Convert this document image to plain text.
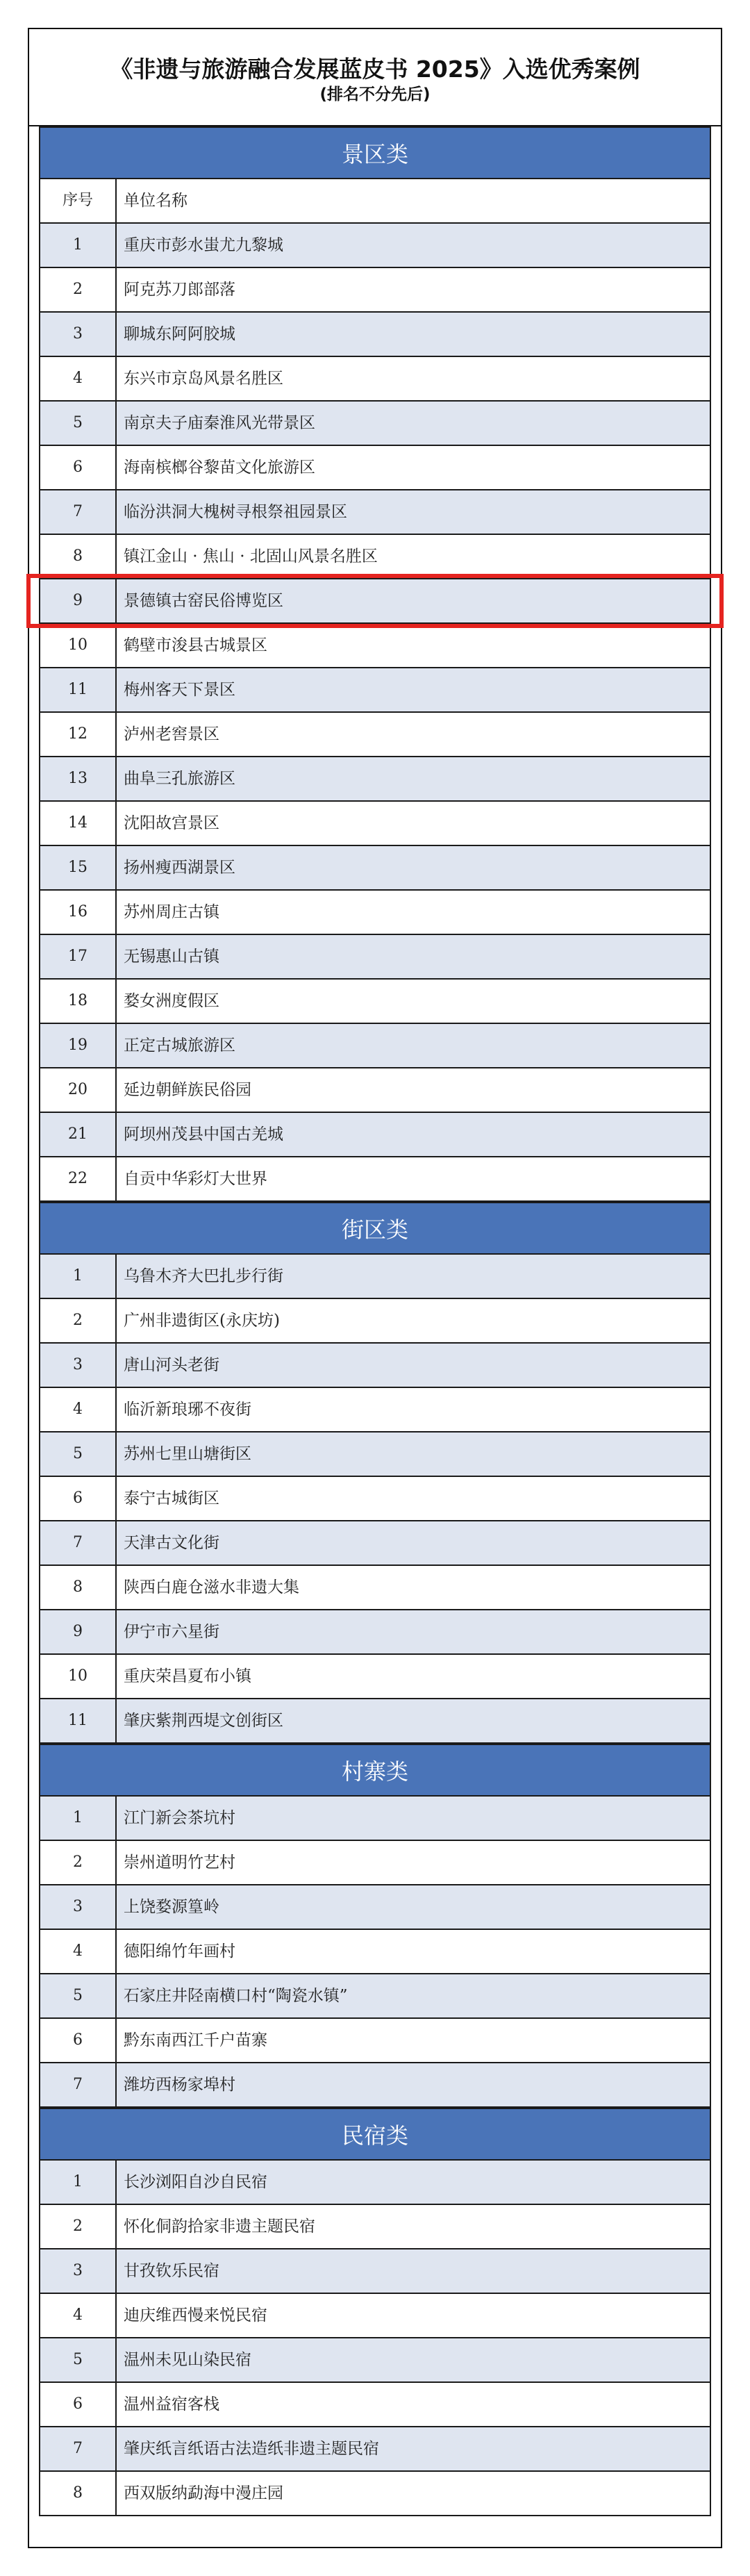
《非遗与旅游融合发展蓝皮书 2025》入选优秀案例
(排名不分先后)
景区类
序号	单位名称
1	重庆市彭水蚩尤九黎城
2	阿克苏刀郎部落
3	聊城东阿阿胶城
4	东兴市京岛风景名胜区
5	南京夫子庙秦淮风光带景区
6	海南槟榔谷黎苗文化旅游区
7	临汾洪洞大槐树寻根祭祖园景区
8	镇江金山 · 焦山 · 北固山风景名胜区
9	景德镇古窑民俗博览区
10	鹤壁市浚县古城景区
11	梅州客天下景区
12	泸州老窖景区
13	曲阜三孔旅游区
14	沈阳故宫景区
15	扬州瘦西湖景区
16	苏州周庄古镇
17	无锡惠山古镇
18	婺女洲度假区
19	正定古城旅游区
20	延边朝鲜族民俗园
21	阿坝州茂县中国古羌城
22	自贡中华彩灯大世界
街区类
1	乌鲁木齐大巴扎步行街
2	广州非遗街区(永庆坊)
3	唐山河头老街
4	临沂新琅琊不夜街
5	苏州七里山塘街区
6	泰宁古城街区
7	天津古文化街
8	陕西白鹿仓滋水非遗大集
9	伊宁市六星街
10	重庆荣昌夏布小镇
11	肇庆紫荆西堤文创街区
村寨类
1	江门新会茶坑村
2	崇州道明竹艺村
3	上饶婺源篁岭
4	德阳绵竹年画村
5	石家庄井陉南横口村“陶瓷水镇”
6	黔东南西江千户苗寨
7	潍坊西杨家埠村
民宿类
1	长沙浏阳自沙自民宿
2	怀化侗韵拾家非遗主题民宿
3	甘孜钦乐民宿
4	迪庆维西慢来悦民宿
5	温州未见山染民宿
6	温州益宿客栈
7	肇庆纸言纸语古法造纸非遗主题民宿
8	西双版纳勐海中漫庄园
